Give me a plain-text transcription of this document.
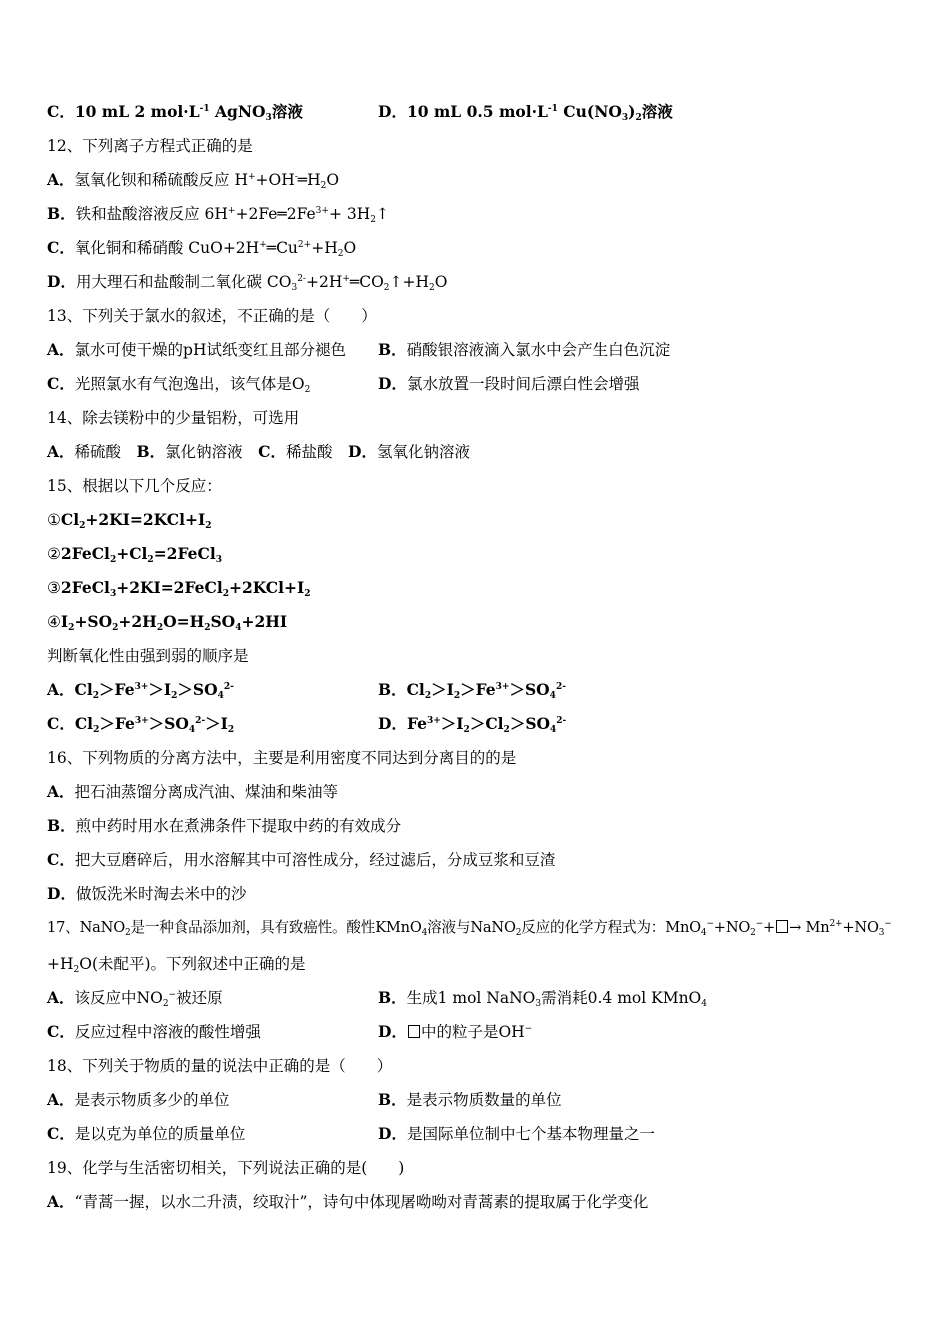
C．10 mL 2 $mol\cdot L^{-1}$ AgNO$_3$溶液	D．10 mL 0.5 $mol\cdot L^{-1}$ $Cu(NO_3)_2$溶液
12、下列离子方程式正确的是
A．氢氧化钡和稀硫酸反应 $H^++OH^-═H_2O$
B．铁和盐酸溶液反应 $6H^++2Fe═2Fe^{3+}+$ $3H_2↑$
C．氧化铜和稀硝酸 $CuO+2H^+═Cu^{2+}+H_2O$
D．用大理石和盐酸制二氧化碳 $CO_3^{2-}+2H^+═CO_2↑+H_2O$
13、下列关于氯水的叙述，不正确的是（　　）
A．氯水可使干燥的pH试纸变红且部分褪色 B．硝酸银溶液滴入氯水中会产生白色沉淀
C．光照氯水有气泡逸出，该气体是$O_2$	D．氯水放置一段时间后漂白性会增强
14、除去镁粉中的少量铝粉，可选用
A．稀硫酸　B．氯化钠溶液　C．稀盐酸　D．氢氧化钠溶液
15、根据以下几个反应：
$①Cl_2+2KI=2KCl+I_2$
$②2FeCl_2+Cl_2=2FeCl_3$
$③2FeCl_3+2KI=2FeCl_2+2KCl+I_2$
$④I_2+SO_2+2H_2O=H_2SO_4+2HI$
判断氧化性由强到弱的顺序是
A．$Cl_2>Fe^{3+}>I_2>SO_4^{2-}$	B．$Cl_2>I_2>Fe^{3+}>SO_4^{2-}$
C．$Cl_2>Fe^{3+}>SO_4^{2-}>I_2$	D．$Fe^{3+}>I_2>Cl_2>SO_4^{2-}$
16、下列物质的分离方法中，主要是利用密度不同达到分离目的的是
A．把石油蒸馏分离成汽油、煤油和柴油等
B．煎中药时用水在煮沸条件下提取中药的有效成分
C．把大豆磨碎后，用水溶解其中可溶性成分，经过滤后，分成豆浆和豆渣
D．做饭洗米时淘去米中的沙
17、NaNO$_2$是一种食品添加剂，具有致癌性。酸性KMnO$_4$溶液与NaNO$_2$反应的化学方程式为：$MnO_4^-+NO_2^-+ \to Mn^{2+}+NO_3^-$
$+H_2O$(未配平)。下列叙述中正确的是
A．该反应中$NO_2^-$被还原	B．生成1 mol NaNO$_3$需消耗0.4 mol KMnO$_4$
C．反应过程中溶液的酸性增强	D． 中的粒子是OH−
18、下列关于物质的量的说法中正确的是（　　）
A．是表示物质多少的单位	B．是表示物质数量的单位
C．是以克为单位的质量单位	D．是国际单位制中七个基本物理量之一
19、化学与生活密切相关，下列说法正确的是(　　)
A．“青蒿一握，以水二升渍，绞取汁”，诗句中体现屠呦呦对青蒿素的提取属于化学变化
